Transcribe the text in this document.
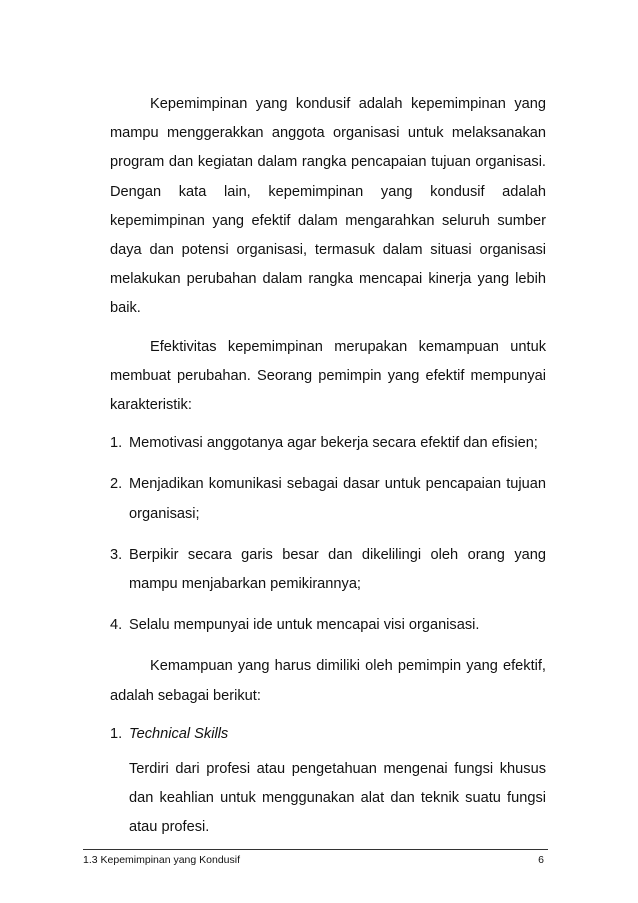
Kepemimpinan yang kondusif adalah kepemimpinan yang mampu menggerakkan anggota organisasi untuk melaksanakan program dan kegiatan dalam rangka pencapaian tujuan organisasi. Dengan kata lain, kepemimpinan yang kondusif adalah kepemimpinan yang efektif dalam mengarahkan seluruh sumber daya dan potensi organisasi, termasuk dalam situasi organisasi melakukan perubahan dalam rangka mencapai kinerja yang lebih baik.

Efektivitas kepemimpinan merupakan kemampuan untuk membuat perubahan. Seorang pemimpin yang efektif mempunyai karakteristik:

1. Memotivasi anggotanya agar bekerja secara efektif dan efisien;
2. Menjadikan komunikasi sebagai dasar untuk pencapaian tujuan organisasi;
3. Berpikir secara garis besar dan dikelilingi oleh orang yang mampu menjabarkan pemikirannya;
4. Selalu mempunyai ide untuk mencapai visi organisasi.

Kemampuan yang harus dimiliki oleh pemimpin yang efektif, adalah sebagai berikut:

1. Technical Skills

Terdiri dari profesi atau pengetahuan mengenai fungsi khusus dan keahlian untuk menggunakan alat dan teknik suatu fungsi atau profesi.

1.3 Kepemimpinan yang Kondusif	6
